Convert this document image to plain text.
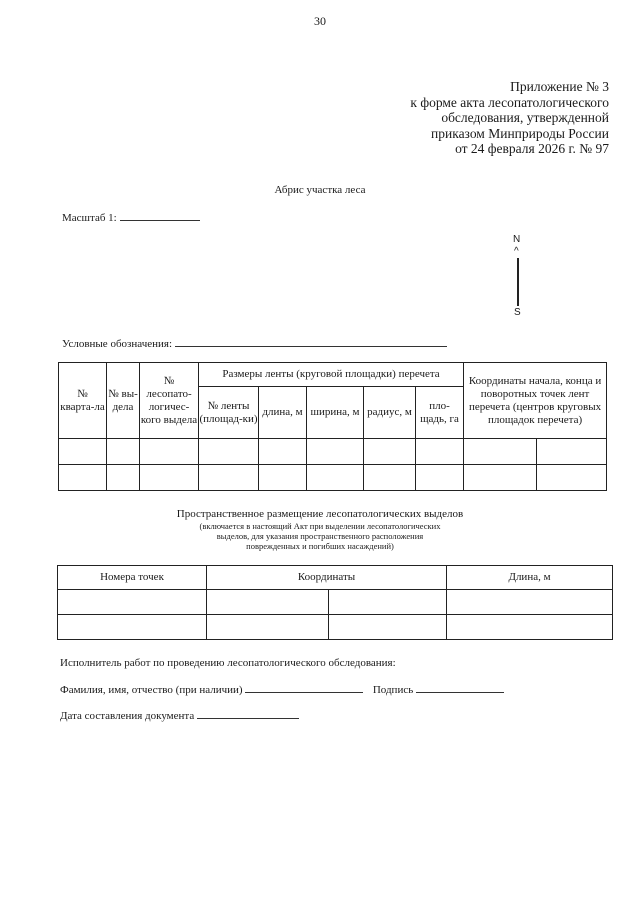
30
Приложение № 3
к форме акта лесопатологического
обследования, утвержденной
приказом Минприроды России
от 24 февраля 2026 г. № 97
Абрис участка леса
Масштаб 1:
N
^
S
Условные обозначения:
№ кварта-ла	№ вы-дела	№ лесопато-логичес-кого выдела	Размеры ленты (круговой площадки) перечета					Координаты начала, конца и поворотных точек лент перечета (центров круговых площадок перечета)	
			№ ленты (площад-ки)	длина, м	ширина, м	радиус, м	пло-щадь, га		

Пространственное размещение лесопатологических выделов
(включается в настоящий Акт при выделении лесопатологических
выделов, для указания пространственного расположения
поврежденных и погибших насаждений)
Номера точек	Координаты		Длина, м

Исполнитель работ по проведению лесопатологического обследования:
Фамилия, имя, отчество (при наличии)	Подпись
Дата составления документа
